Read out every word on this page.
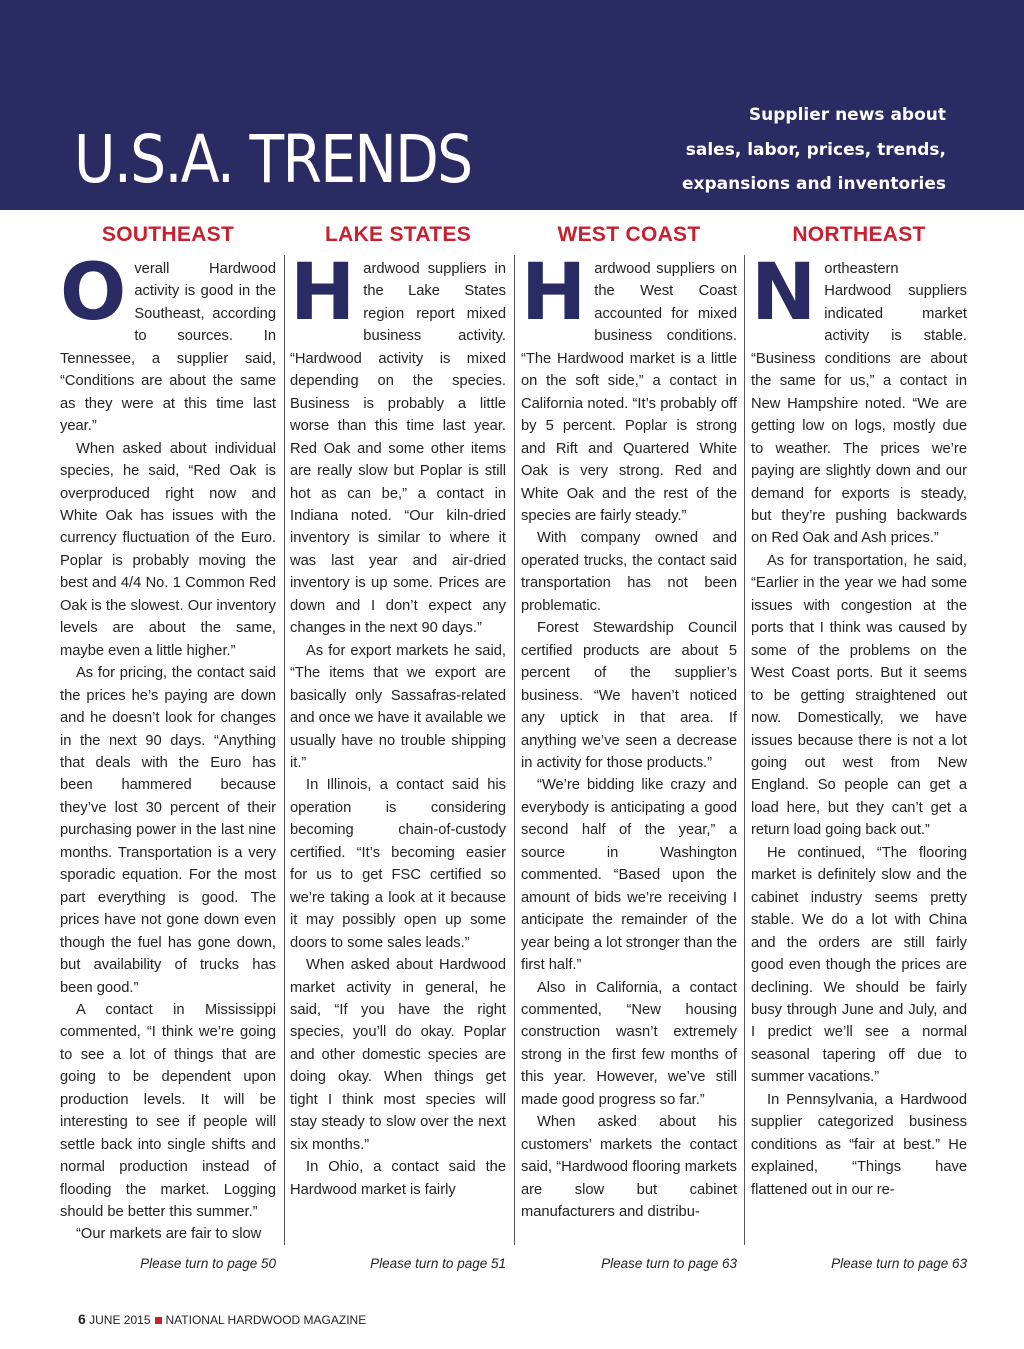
U.S.A. TRENDS
Supplier news about
sales, labor, prices, trends,
expansions and inventories
SOUTHEAST

Overall Hardwood activity is good in the Southeast, according to sources. In Tennessee, a supplier said, “Conditions are about the same as they were at this time last year.”

When asked about individual species, he said, “Red Oak is overproduced right now and White Oak has issues with the currency fluctuation of the Euro. Poplar is probably moving the best and 4/4 No. 1 Common Red Oak is the slowest. Our inventory levels are about the same, maybe even a little higher.”

As for pricing, the contact said the prices he’s paying are down and he doesn’t look for changes in the next 90 days. “Anything that deals with the Euro has been hammered because they’ve lost 30 percent of their purchasing power in the last nine months. Transportation is a very sporadic equation. For the most part everything is good. The prices have not gone down even though the fuel has gone down, but availability of trucks has been good.”

A contact in Mississippi commented, “I think we’re going to see a lot of things that are going to be dependent upon production levels. It will be interesting to see if people will settle back into single shifts and normal production instead of flooding the market. Logging should be better this summer.”

“Our markets are fair to slow

Please turn to page 50
LAKE STATES

Hardwood suppliers in the Lake States region report mixed business activity. “Hardwood activity is mixed depending on the species. Business is probably a little worse than this time last year. Red Oak and some other items are really slow but Poplar is still hot as can be,” a contact in Indiana noted. “Our kiln-dried inventory is similar to where it was last year and air-dried inventory is up some. Prices are down and I don’t expect any changes in the next 90 days.”

As for export markets he said, “The items that we export are basically only Sassafras-related and once we have it available we usually have no trouble shipping it.”

In Illinois, a contact said his operation is considering becoming chain-of-custody certified. “It’s becoming easier for us to get FSC certified so we’re taking a look at it because it may possibly open up some doors to some sales leads.”

When asked about Hardwood market activity in general, he said, “If you have the right species, you’ll do okay. Poplar and other domestic species are doing okay. When things get tight I think most species will stay steady to slow over the next six months.”

In Ohio, a contact said the Hardwood market is fairly

Please turn to page 51
WEST COAST

Hardwood suppliers on the West Coast accounted for mixed business conditions. “The Hardwood market is a little on the soft side,” a contact in California noted. “It’s probably off by 5 percent. Poplar is strong and Rift and Quartered White Oak is very strong. Red and White Oak and the rest of the species are fairly steady.”

With company owned and operated trucks, the contact said transportation has not been problematic.

Forest Stewardship Council certified products are about 5 percent of the supplier’s business. “We haven’t noticed any uptick in that area. If anything we’ve seen a decrease in activity for those products.”

“We’re bidding like crazy and everybody is anticipating a good second half of the year,” a source in Washington commented. “Based upon the amount of bids we’re receiving I anticipate the remainder of the year being a lot stronger than the first half.”

Also in California, a contact commented, “New housing construction wasn’t extremely strong in the first few months of this year. However, we’ve still made good progress so far.”

When asked about his customers’ markets the contact said, “Hardwood flooring markets are slow but cabinet manufacturers and distribu-

Please turn to page 63
NORTHEAST

Northeastern Hardwood suppliers indicated market activity is stable. “Business conditions are about the same for us,” a contact in New Hampshire noted. “We are getting low on logs, mostly due to weather. The prices we’re paying are slightly down and our demand for exports is steady, but they’re pushing backwards on Red Oak and Ash prices.”

As for transportation, he said, “Earlier in the year we had some issues with congestion at the ports that I think was caused by some of the problems on the West Coast ports. But it seems to be getting straightened out now. Domestically, we have issues because there is not a lot going out west from New England. So people can get a load here, but they can’t get a return load going back out.”

He continued, “The flooring market is definitely slow and the cabinet industry seems pretty stable. We do a lot with China and the orders are still fairly good even though the prices are declining. We should be fairly busy through June and July, and I predict we’ll see a normal seasonal tapering off due to summer vacations.”

In Pennsylvania, a Hardwood supplier categorized business conditions as “fair at best.” He explained, “Things have flattened out in our re-

Please turn to page 63
6 JUNE 2015 NATIONAL HARDWOOD MAGAZINE
